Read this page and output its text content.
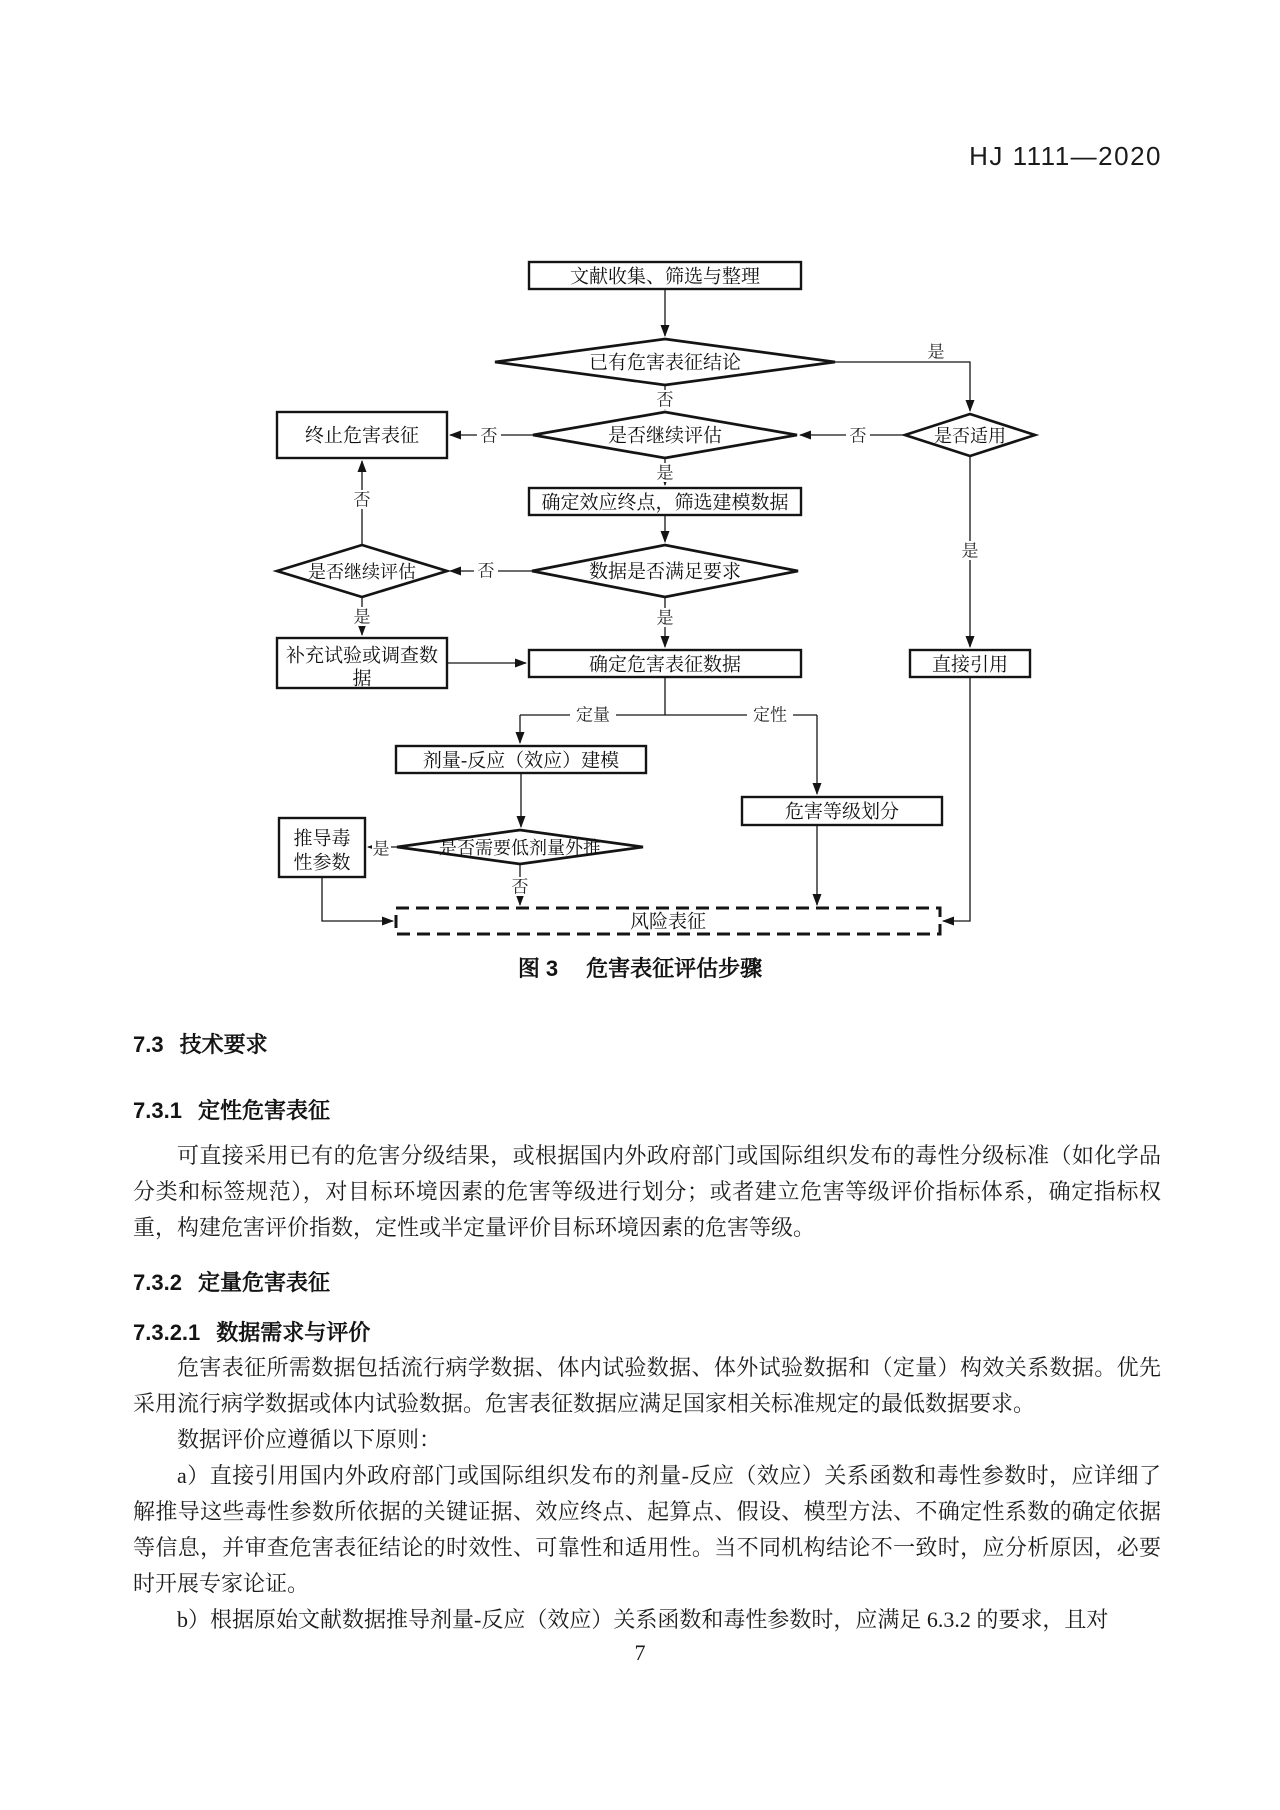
HJ 1111—2020
文献收集、筛选与整理
已有危害表征结论
终止危害表征	是否继续评估	是否适用
确定效应终点，筛选建模数据
是否继续评估	数据是否满足要求
补充试验或调查数
据
确定危害表征数据	直接引用
剂量-反应（效应）建模
危害等级划分
推导毒
性参数
是否需要低剂量外推
风险表征
否
是
否
否
是
否
否
是	是
是
定量	定性
是
否
图 3 危害表征评估步骤
7.3 技术要求
7.3.1 定性危害表征

可直接采用已有的危害分级结果，或根据国内外政府部门或国际组织发布的毒性分级标准（如化学品分类和标签规范），对目标环境因素的危害等级进行划分；或者建立危害等级评价指标体系，确定指标权重，构建危害评价指数，定性或半定量评价目标环境因素的危害等级。

7.3.2 定量危害表征
7.3.2.1 数据需求与评价

危害表征所需数据包括流行病学数据、体内试验数据、体外试验数据和（定量）构效关系数据。优先采用流行病学数据或体内试验数据。危害表征数据应满足国家相关标准规定的最低数据要求。

数据评价应遵循以下原则：

a）直接引用国内外政府部门或国际组织发布的剂量-反应（效应）关系函数和毒性参数时，应详细了解推导这些毒性参数所依据的关键证据、效应终点、起算点、假设、模型方法、不确定性系数的确定依据等信息，并审查危害表征结论的时效性、可靠性和适用性。当不同机构结论不一致时，应分析原因，必要时开展专家论证。

b）根据原始文献数据推导剂量-反应（效应）关系函数和毒性参数时，应满足 6.3.2 的要求，且对

7
